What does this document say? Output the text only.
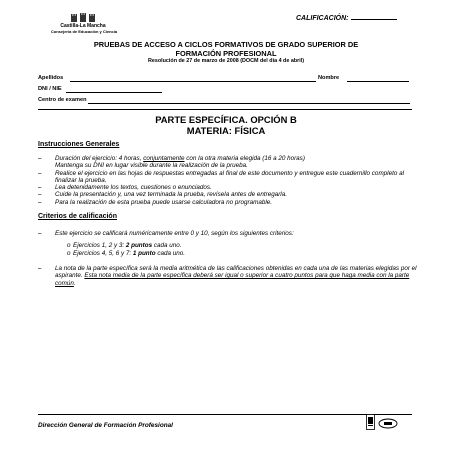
Castilla-La Mancha
Consejería de Educación y Ciencia
CALIFICACIÓN:
PRUEBAS DE ACCESO A CICLOS FORMATIVOS DE GRADO SUPERIOR DE
FORMACIÓN PROFESIONAL
Resolución de 27 de marzo de 2008 (DOCM del día 4 de abril)
Apellidos	Nombre
DNI / NIE
Centro de examen
PARTE ESPECÍFICA. OPCIÓN B
MATERIA: FÍSICA
Instrucciones Generales
– Duración del ejercicio: 4 horas, conjuntamente con la otra materia elegida (16 a 20 horas)
Mantenga su DNI en lugar visible durante la realización de la prueba.
– Realice el ejercicio en las hojas de respuestas entregadas al final de este documento y entregue este cuadernillo completo al finalizar la prueba.
– Lea detenidamente los textos, cuestiones o enunciados.
– Cuide la presentación y, una vez terminada la prueba, revísela antes de entregarla.
– Para la realización de esta prueba puede usarse calculadora no programable.
Criterios de calificación
– Este ejercicio se calificará numéricamente entre 0 y 10, según los siguientes criterios:
o Ejercicios 1, 2 y 3: 2 puntos cada uno.
o Ejercicios 4, 5, 6 y 7: 1 punto cada uno.
–	La nota de la parte específica será la media aritmética de las calificaciones obtenidas en cada una de las materias elegidas por el aspirante. Esta nota media de la parte específica deberá ser igual o superior a cuatro puntos para que haga media con la parte común.
Dirección General de Formación Profesional
